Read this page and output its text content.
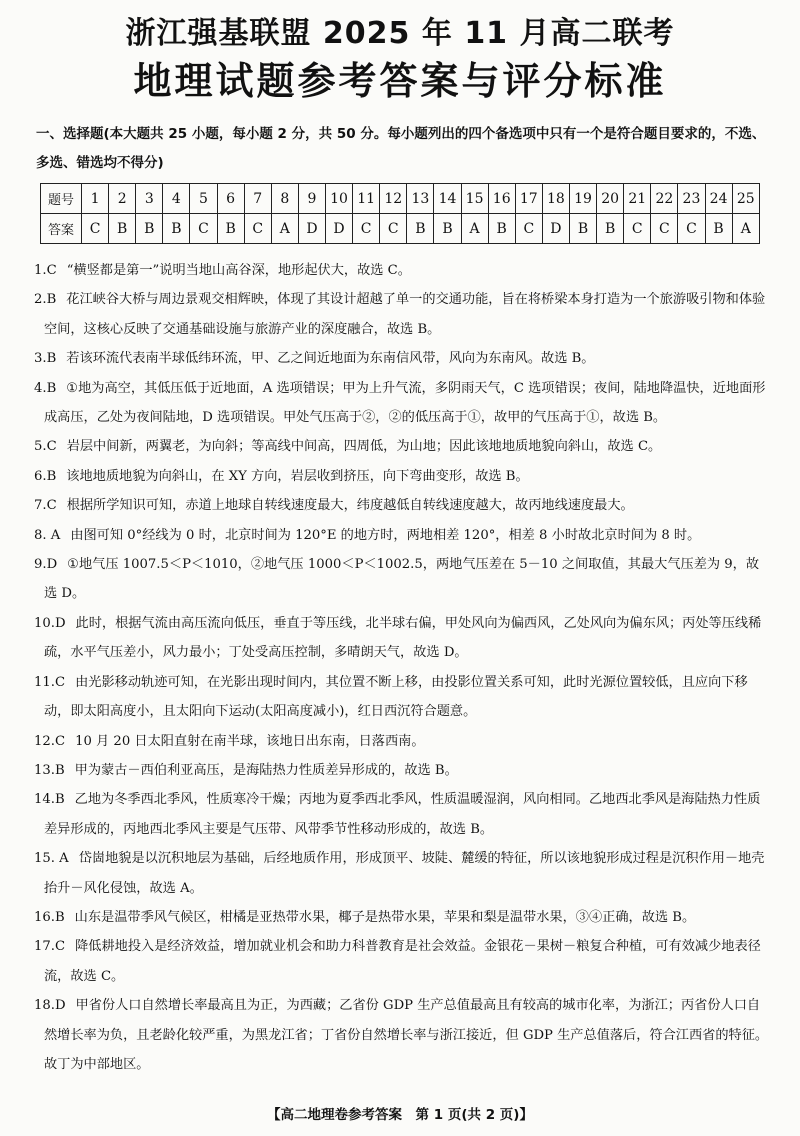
浙江强基联盟 2025 年 11 月高二联考
地理试题参考答案与评分标准
一、选择题(本大题共 25 小题，每小题 2 分，共 50 分。每小题列出的四个备选项中只有一个是符合题目要求的，不选、多选、错选均不得分)
题号	1	2	3	4	5	6	7	8	9	10	11	12	13	14	15	16	17	18	19	20	21	22	23	24	25
答案	C	B	B	B	C	B	C	A	D	D	C	C	B	B	A	B	C	D	B	B	C	C	C	B	A

1.C “横竖都是第一”说明当地山高谷深，地形起伏大，故选 C。

2.B 花江峡谷大桥与周边景观交相辉映，体现了其设计超越了单一的交通功能，旨在将桥梁本身打造为一个旅游吸引物和体验空间，这核心反映了交通基础设施与旅游产业的深度融合，故选 B。

3.B 若该环流代表南半球低纬环流，甲、乙之间近地面为东南信风带，风向为东南风。故选 B。

4.B ①地为高空，其低压低于近地面，A 选项错误；甲为上升气流，多阴雨天气，C 选项错误；夜间，陆地降温快，近地面形成高压，乙处为夜间陆地，D 选项错误。甲处气压高于②，②的低压高于①，故甲的气压高于①，故选 B。

5.C 岩层中间新，两翼老，为向斜；等高线中间高，四周低，为山地；因此该地地质地貌向斜山，故选 C。

6.B 该地地质地貌为向斜山，在 XY 方向，岩层收到挤压，向下弯曲变形，故选 B。

7.C 根据所学知识可知，赤道上地球自转线速度最大，纬度越低自转线速度越大，故丙地线速度最大。

8. A 由图可知 0°经线为 0 时，北京时间为 120°E 的地方时，两地相差 120°，相差 8 小时故北京时间为 8 时。

9.D ①地气压 1007.5＜P＜1010，②地气压 1000＜P＜1002.5，两地气压差在 5－10 之间取值，其最大气压差为 9，故选 D。

10.D 此时，根据气流由高压流向低压，垂直于等压线，北半球右偏，甲处风向为偏西风，乙处风向为偏东风；丙处等压线稀疏，水平气压差小，风力最小；丁处受高压控制，多晴朗天气，故选 D。

11.C 由光影移动轨迹可知，在光影出现时间内，其位置不断上移，由投影位置关系可知，此时光源位置较低，且应向下移动，即太阳高度小，且太阳向下运动(太阳高度减小)，红日西沉符合题意。

12.C 10 月 20 日太阳直射在南半球，该地日出东南，日落西南。

13.B 甲为蒙古－西伯利亚高压，是海陆热力性质差异形成的，故选 B。

14.B 乙地为冬季西北季风，性质寒冷干燥；丙地为夏季西北季风，性质温暖湿润，风向相同。乙地西北季风是海陆热力性质差异形成的，丙地西北季风主要是气压带、风带季节性移动形成的，故选 B。

15. A 岱崮地貌是以沉积地层为基础，后经地质作用，形成顶平、坡陡、麓缓的特征，所以该地貌形成过程是沉积作用－地壳抬升－风化侵蚀，故选 A。

16.B 山东是温带季风气候区，柑橘是亚热带水果，椰子是热带水果，苹果和梨是温带水果，③④正确，故选 B。

17.C 降低耕地投入是经济效益，增加就业机会和助力科普教育是社会效益。金银花－果树－粮复合种植，可有效减少地表径流，故选 C。

18.D 甲省份人口自然增长率最高且为正，为西藏；乙省份 GDP 生产总值最高且有较高的城市化率，为浙江；丙省份人口自然增长率为负，且老龄化较严重，为黑龙江省；丁省份自然增长率与浙江接近，但 GDP 生产总值落后，符合江西省的特征。故丁为中部地区。

【高二地理卷参考答案　第 1 页(共 2 页)】
